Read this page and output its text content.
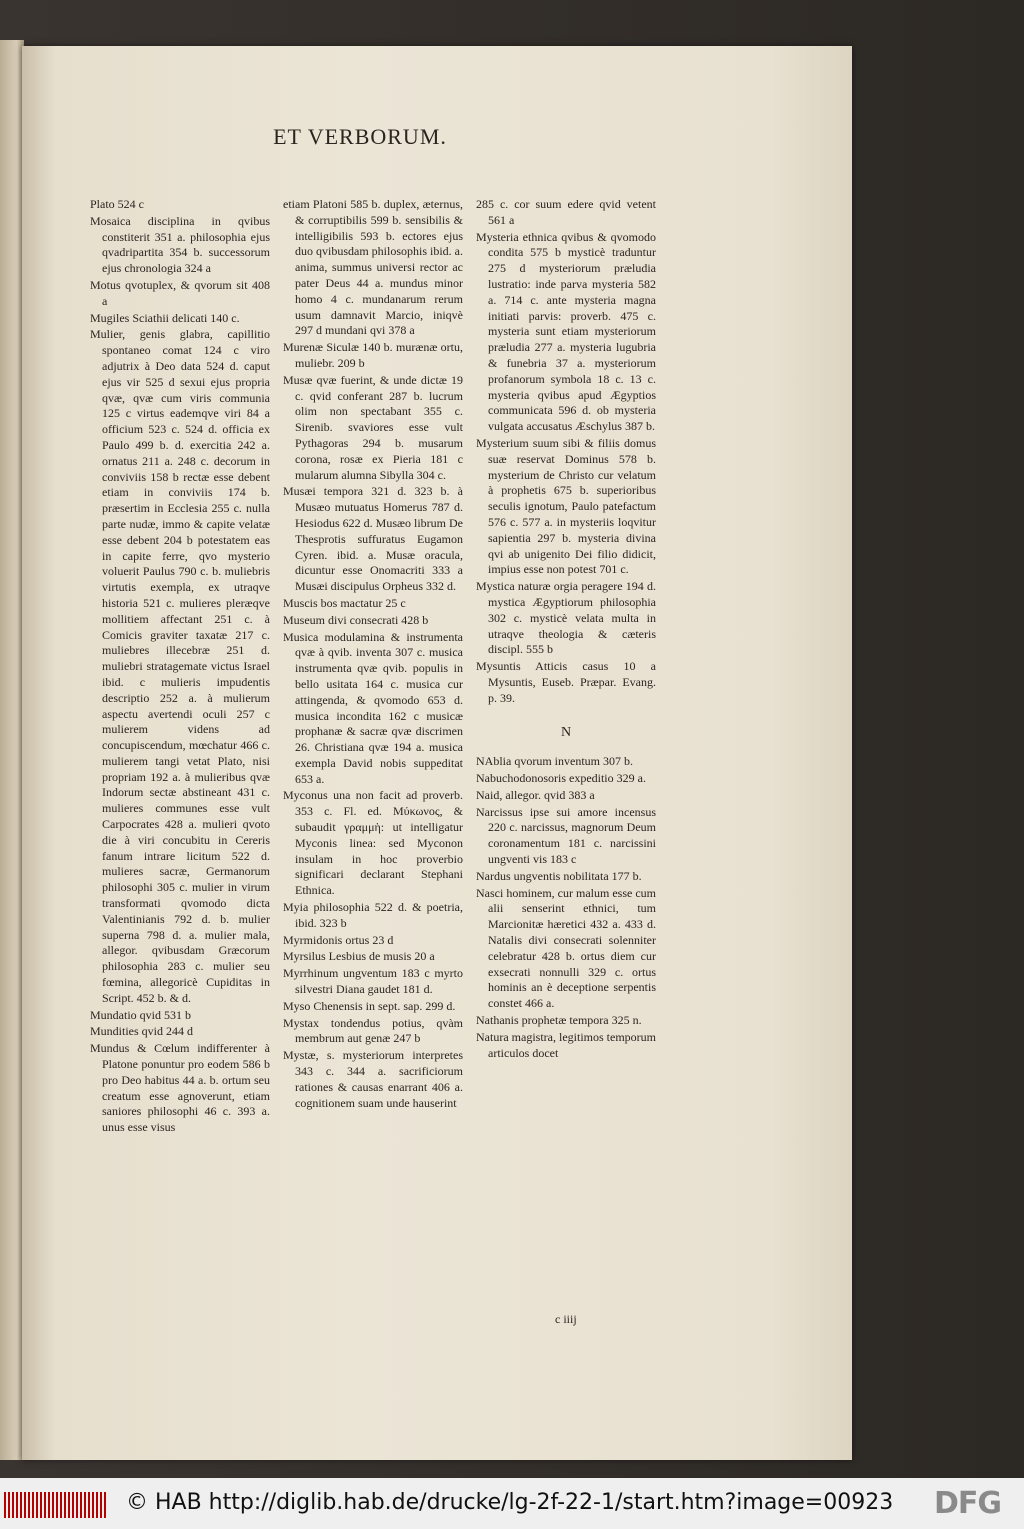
ET VERBORUM.

Plato 524 c

Mosaica disciplina in qvibus constiterit 351 a. philosophia ejus qvadripartita 354 b. successorum ejus chronologia 324 a

Motus qvotuplex, & qvorum sit 408 a

Mugiles Sciathii delicati 140 c.

Mulier, genis glabra, capillitio spontaneo comat 124 c viro adjutrix à Deo data 524 d. caput ejus vir 525 d sexui ejus propria qvæ, qvæ cum viris communia 125 c virtus eademqve viri 84 a officium 523 c. 524 d. officia ex Paulo 499 b. d. exercitia 242 a. ornatus 211 a. 248 c. decorum in conviviis 158 b rectæ esse debent etiam in conviviis 174 b. præsertim in Ecclesia 255 c. nulla parte nudæ, immo & capite velatæ esse debent 204 b potestatem eas in capite ferre, qvo mysterio voluerit Paulus 790 c. b. muliebris virtutis exempla, ex utraqve historia 521 c. mulieres pleræqve mollitiem affectant 251 c. à Comicis graviter taxatæ 217 c. muliebres illecebræ 251 d. muliebri stratagemate victus Israel ibid. c mulieris impudentis descriptio 252 a. à mulierum aspectu avertendi oculi 257 c mulierem videns ad concupiscendum, mœchatur 466 c. mulierem tangi vetat Plato, nisi propriam 192 a. à mulieribus qvæ Indorum sectæ abstineant 431 c. mulieres communes esse vult Carpocrates 428 a. mulieri qvoto die à viri concubitu in Cereris fanum intrare licitum 522 d. mulieres sacræ, Germanorum philosophi 305 c. mulier in virum transformati qvomodo dicta Valentinianis 792 d. b. mulier superna 798 d. a. mulier mala, allegor. qvibusdam Græcorum philosophia 283 c. mulier seu fœmina, allegoricè Cupiditas in Script. 452 b. & d.

Mundatio qvid 531 b

Mundities qvid 244 d

Mundus & Cœlum indifferenter à Platone ponuntur pro eodem 586 b pro Deo habitus 44 a. b. ortum seu creatum esse agnoverunt, etiam saniores philosophi 46 c. 393 a. unus esse visus

etiam Platoni 585 b. duplex, æternus, & corruptibilis 599 b. sensibilis & intelligibilis 593 b. ectores ejus duo qvibusdam philosophis ibid. a. anima, summus universi rector ac pater Deus 44 a. mundus minor homo 4 c. mundanarum rerum usum damnavit Marcio, iniqvè 297 d mundani qvi 378 a

Murenæ Siculæ 140 b. murænæ ortu, muliebr. 209 b

Musæ qvæ fuerint, & unde dictæ 19 c. qvid conferant 287 b. lucrum olim non spectabant 355 c. Sirenib. svaviores esse vult Pythagoras 294 b. musarum corona, rosæ ex Pieria 181 c mularum alumna Sibylla 304 c.

Musæi tempora 321 d. 323 b. à Musæo mutuatus Homerus 787 d. Hesiodus 622 d. Musæo librum De Thesprotis suffuratus Eugamon Cyren. ibid. a. Musæ oracula, dicuntur esse Onomacriti 333 a Musæi discipulus Orpheus 332 d.

Muscis bos mactatur 25 c

Museum divi consecrati 428 b

Musica modulamina & instrumenta qvæ à qvib. inventa 307 c. musica instrumenta qvæ qvib. populis in bello usitata 164 c. musica cur attingenda, & qvomodo 653 d. musica incondita 162 c musicæ prophanæ & sacræ qvæ discrimen 26. Christiana qvæ 194 a. musica exempla David nobis suppeditat 653 a.

Myconus una non facit ad proverb. 353 c. Fl. ed. Μύκωνος, & subaudit γραμμὴ: ut intelligatur Myconis linea: sed Myconon insulam in hoc proverbio significari declarant Stephani Ethnica.

Myia philosophia 522 d. & poetria, ibid. 323 b

Myrmidonis ortus 23 d

Myrsilus Lesbius de musis 20 a

Myrrhinum ungventum 183 c myrto silvestri Diana gaudet 181 d.

Myso Chenensis in sept. sap. 299 d.

Mystax tondendus potius, qvàm membrum aut genæ 247 b

Mystæ, s. mysteriorum interpretes 343 c. 344 a. sacrificiorum rationes & causas enarrant 406 a. cognitionem suam unde hauserint

285 c. cor suum edere qvid vetent 561 a

Mysteria ethnica qvibus & qvomodo condita 575 b mysticè traduntur 275 d mysteriorum præludia lustratio: inde parva mysteria 582 a. 714 c. ante mysteria magna initiati parvis: proverb. 475 c. mysteria sunt etiam mysteriorum præludia 277 a. mysteria lugubria & funebria 37 a. mysteriorum profanorum symbola 18 c. 13 c. mysteria qvibus apud Ægyptios communicata 596 d. ob mysteria vulgata accusatus Æschylus 387 b.

Mysterium suum sibi & filiis domus suæ reservat Dominus 578 b. mysterium de Christo cur velatum à prophetis 675 b. superioribus seculis ignotum, Paulo patefactum 576 c. 577 a. in mysteriis loqvitur sapientia 297 b. mysteria divina qvi ab unigenito Dei filio didicit, impius esse non potest 701 c.

Mystica naturæ orgia peragere 194 d. mystica Ægyptiorum philosophia 302 c. mysticè velata multa in utraqve theologia & cæteris discipl. 555 b

Mysuntis Atticis casus 10 a Mysuntis, Euseb. Præpar. Evang. p. 39.

N

NAblia qvorum inventum 307 b.

Nabuchodonosoris expeditio 329 a.

Naid, allegor. qvid 383 a

Narcissus ipse sui amore incensus 220 c. narcissus, magnorum Deum coronamentum 181 c. narcissini ungventi vis 183 c

Nardus ungventis nobilitata 177 b.

Nasci hominem, cur malum esse cum alii senserint ethnici, tum Marcionitæ hæretici 432 a. 433 d. Natalis divi consecrati solenniter celebratur 428 b. ortus diem cur exsecrati nonnulli 329 c. ortus hominis an è deceptione serpentis constet 466 a.

Nathanis prophetæ tempora 325 n.

Natura magistra, legitimos temporum articulos docet

c iiij
© HAB http://diglib.hab.de/drucke/lg-2f-22-1/start.htm?image=00923 DFG
